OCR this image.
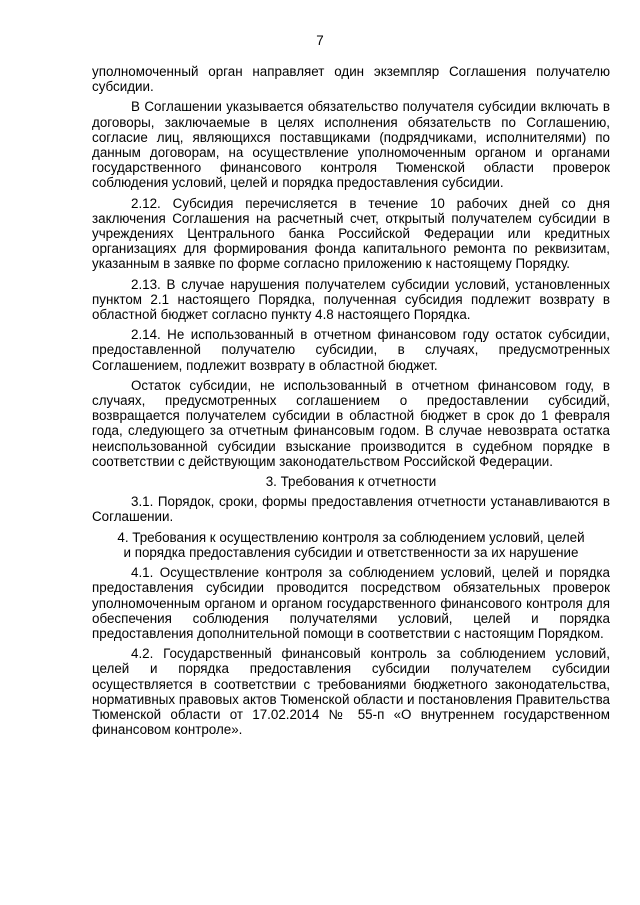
7

уполномоченный орган направляет один экземпляр Соглашения получателю субсидии.

В Соглашении указывается обязательство получателя субсидии включать в договоры, заключаемые в целях исполнения обязательств по Соглашению, согласие лиц, являющихся поставщиками (подрядчиками, исполнителями) по данным договорам, на осуществление уполномоченным органом и органами государственного финансового контроля Тюменской области проверок соблюдения условий, целей и порядка предоставления субсидии.

2.12. Субсидия перечисляется в течение 10 рабочих дней со дня заключения Соглашения на расчетный счет, открытый получателем субсидии в учреждениях Центрального банка Российской Федерации или кредитных организациях для формирования фонда капитального ремонта по реквизитам, указанным в заявке по форме согласно приложению к настоящему Порядку.

2.13. В случае нарушения получателем субсидии условий, установленных пунктом 2.1 настоящего Порядка, полученная субсидия подлежит возврату в областной бюджет согласно пункту 4.8 настоящего Порядка.

2.14. Не использованный в отчетном финансовом году остаток субсидии, предоставленной получателю субсидии, в случаях, предусмотренных Соглашением, подлежит возврату в областной бюджет.

Остаток субсидии, не использованный в отчетном финансовом году, в случаях, предусмотренных соглашением о предоставлении субсидий, возвращается получателем субсидии в областной бюджет в срок до 1 февраля года, следующего за отчетным финансовым годом. В случае невозврата остатка неиспользованной субсидии взыскание производится в судебном порядке в соответствии с действующим законодательством Российской Федерации.

3. Требования к отчетности

3.1. Порядок, сроки, формы предоставления отчетности устанавливаются в Соглашении.

4. Требования к осуществлению контроля за соблюдением условий, целей и порядка предоставления субсидии и ответственности за их нарушение

4.1. Осуществление контроля за соблюдением условий, целей и порядка предоставления субсидии проводится посредством обязательных проверок уполномоченным органом и органом государственного финансового контроля для обеспечения соблюдения получателями условий, целей и порядка предоставления дополнительной помощи в соответствии с настоящим Порядком.

4.2. Государственный финансовый контроль за соблюдением условий, целей и порядка предоставления субсидии получателем субсидии осуществляется в соответствии с требованиями бюджетного законодательства, нормативных правовых актов Тюменской области и постановления Правительства Тюменской области от 17.02.2014 № 55-п «О внутреннем государственном финансовом контроле».
